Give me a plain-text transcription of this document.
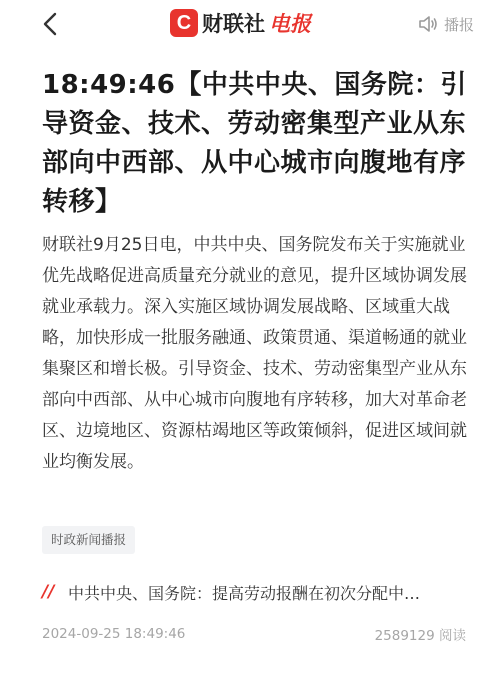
C 财联社 电报	播报
18:49:46【中共中央、国务院：引导资金、技术、劳动密集型产业从东部向中西部、从中心城市向腹地有序转移】

财联社9月25日电，中共中央、国务院发布关于实施就业优先战略促进高质量充分就业的意见，提升区域协调发展就业承载力。深入实施区域协调发展战略、区域重大战略，加快形成一批服务融通、政策贯通、渠道畅通的就业集聚区和增长极。引导资金、技术、劳动密集型产业从东部向中西部、从中心城市向腹地有序转移，加大对革命老区、边境地区、资源枯竭地区等政策倾斜，促进区域间就业均衡发展。

时政新闻播报
// 中共中央、国务院：提高劳动报酬在初次分配中…
2024-09-25 18:49:46	2589129 阅读
